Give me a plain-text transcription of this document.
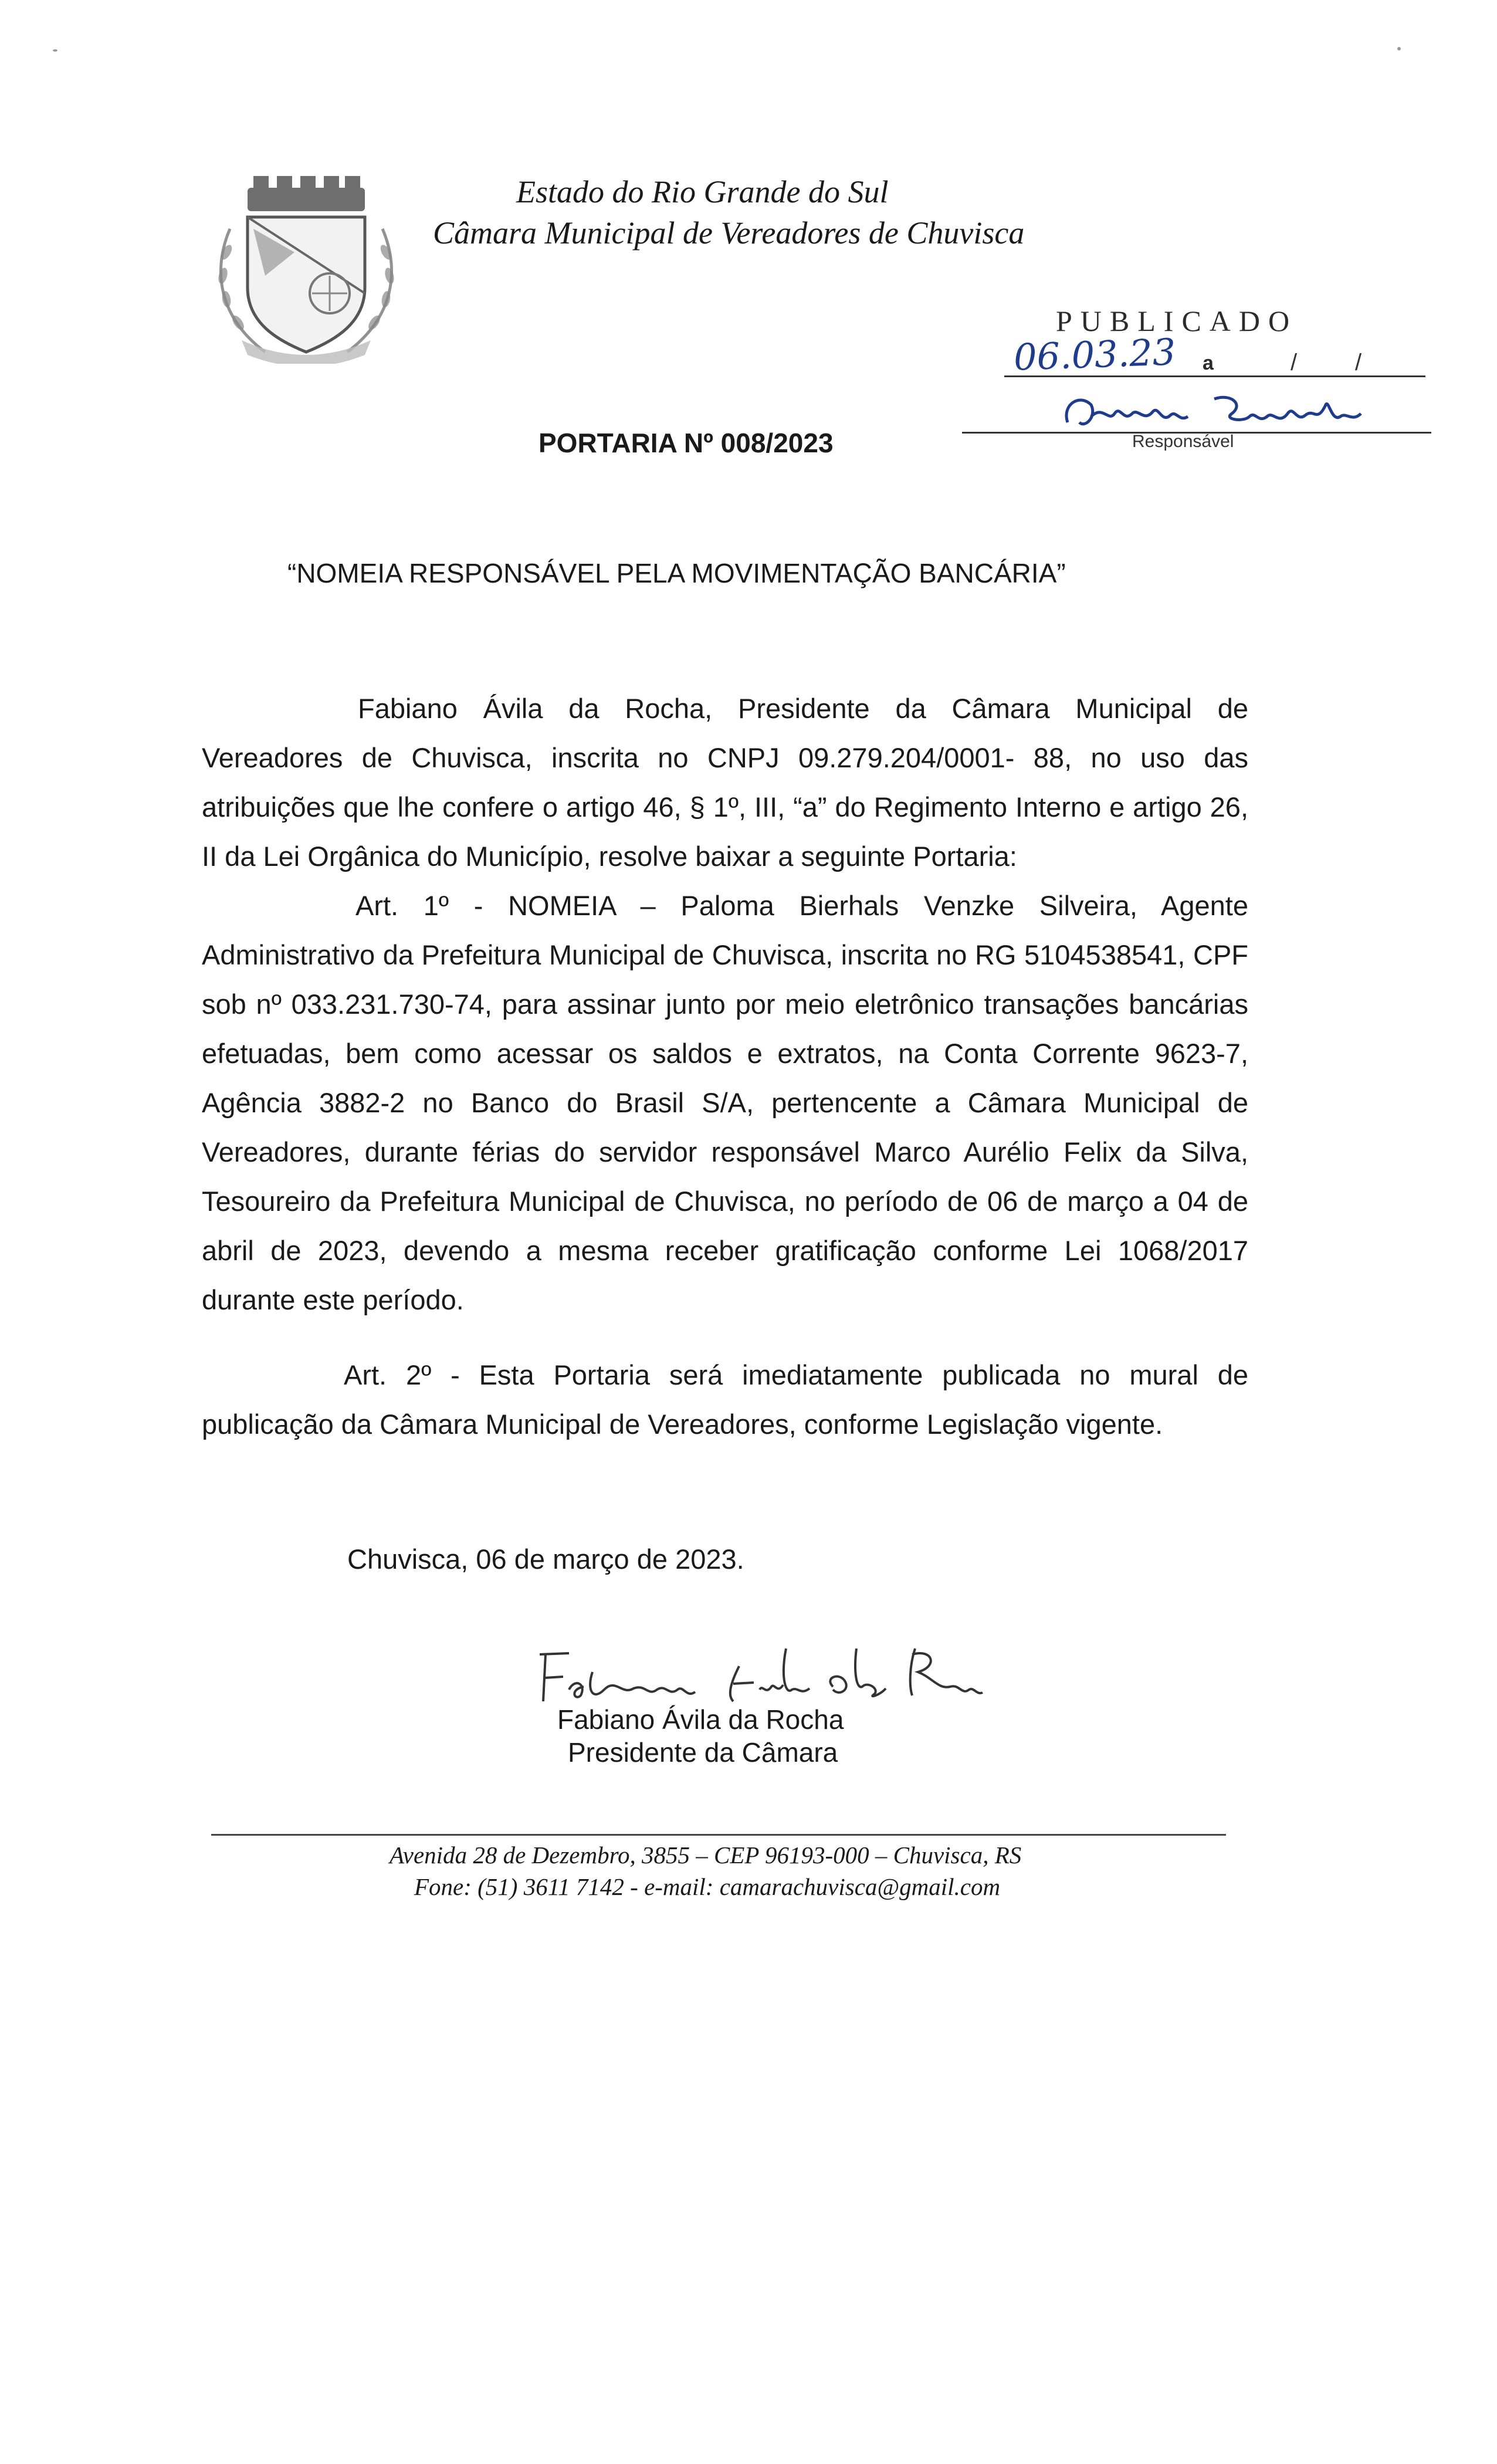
Estado do Rio Grande do Sul
Câmara Municipal de Vereadores de Chuvisca
PUBLICADO
06.03.23 a	/ /
Responsável
PORTARIA Nº 008/2023
“NOMEIA RESPONSÁVEL PELA MOVIMENTAÇÃO BANCÁRIA”

Fabiano Ávila da Rocha, Presidente da Câmara Municipal de Vereadores de Chuvisca, inscrita no CNPJ 09.279.204/0001- 88, no uso das atribuições que lhe confere o artigo 46, § 1º, III, “a” do Regimento Interno e artigo 26, II da Lei Orgânica do Município, resolve baixar a seguinte Portaria:

Art. 1º - NOMEIA – Paloma Bierhals Venzke Silveira, Agente Administrativo da Prefeitura Municipal de Chuvisca, inscrita no RG 5104538541, CPF sob nº 033.231.730-74, para assinar junto por meio eletrônico transações bancárias efetuadas, bem como acessar os saldos e extratos, na Conta Corrente 9623-7, Agência 3882-2 no Banco do Brasil S/A, pertencente a Câmara Municipal de Vereadores, durante férias do servidor responsável Marco Aurélio Felix da Silva, Tesoureiro da Prefeitura Municipal de Chuvisca, no período de 06 de março a 04 de abril de 2023, devendo a mesma receber gratificação conforme Lei 1068/2017 durante este período.

Art. 2º - Esta Portaria será imediatamente publicada no mural de publicação da Câmara Municipal de Vereadores, conforme Legislação vigente.

Chuvisca, 06 de março de 2023.
Fabiano Ávila da Rocha
Presidente da Câmara
Avenida 28 de Dezembro, 3855 – CEP 96193-000 – Chuvisca, RS
Fone: (51) 3611 7142 - e-mail: camarachuvisca@gmail.com
